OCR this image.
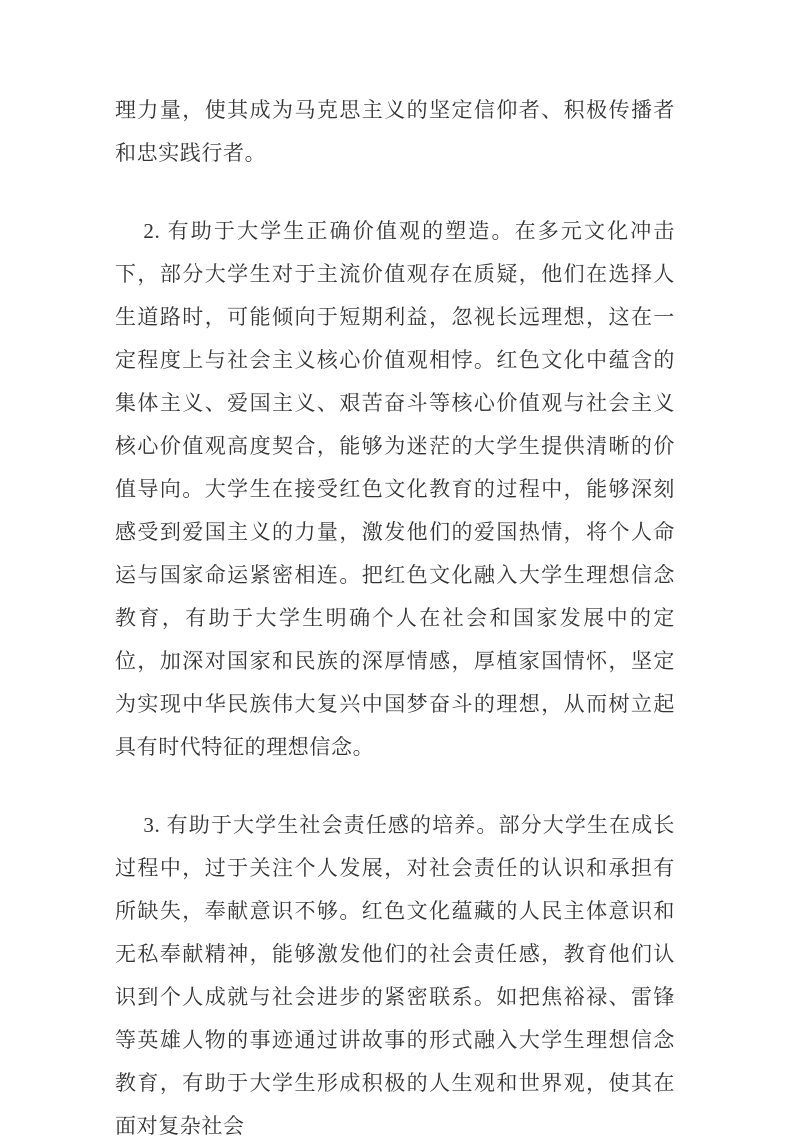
理力量，使其成为马克思主义的坚定信仰者、积极传播者和忠实践行者。

2. 有助于大学生正确价值观的塑造。在多元文化冲击下，部分大学生对于主流价值观存在质疑，他们在选择人生道路时，可能倾向于短期利益，忽视长远理想，这在一定程度上与社会主义核心价值观相悖。红色文化中蕴含的集体主义、爱国主义、艰苦奋斗等核心价值观与社会主义核心价值观高度契合，能够为迷茫的大学生提供清晰的价值导向。大学生在接受红色文化教育的过程中，能够深刻感受到爱国主义的力量，激发他们的爱国热情，将个人命运与国家命运紧密相连。把红色文化融入大学生理想信念教育，有助于大学生明确个人在社会和国家发展中的定位，加深对国家和民族的深厚情感，厚植家国情怀，坚定为实现中华民族伟大复兴中国梦奋斗的理想，从而树立起具有时代特征的理想信念。

3. 有助于大学生社会责任感的培养。部分大学生在成长过程中，过于关注个人发展，对社会责任的认识和承担有所缺失，奉献意识不够。红色文化蕴藏的人民主体意识和无私奉献精神，能够激发他们的社会责任感，教育他们认识到个人成就与社会进步的紧密联系。如把焦裕禄、雷锋等英雄人物的事迹通过讲故事的形式融入大学生理想信念教育，有助于大学生形成积极的人生观和世界观，使其在面对复杂社会
